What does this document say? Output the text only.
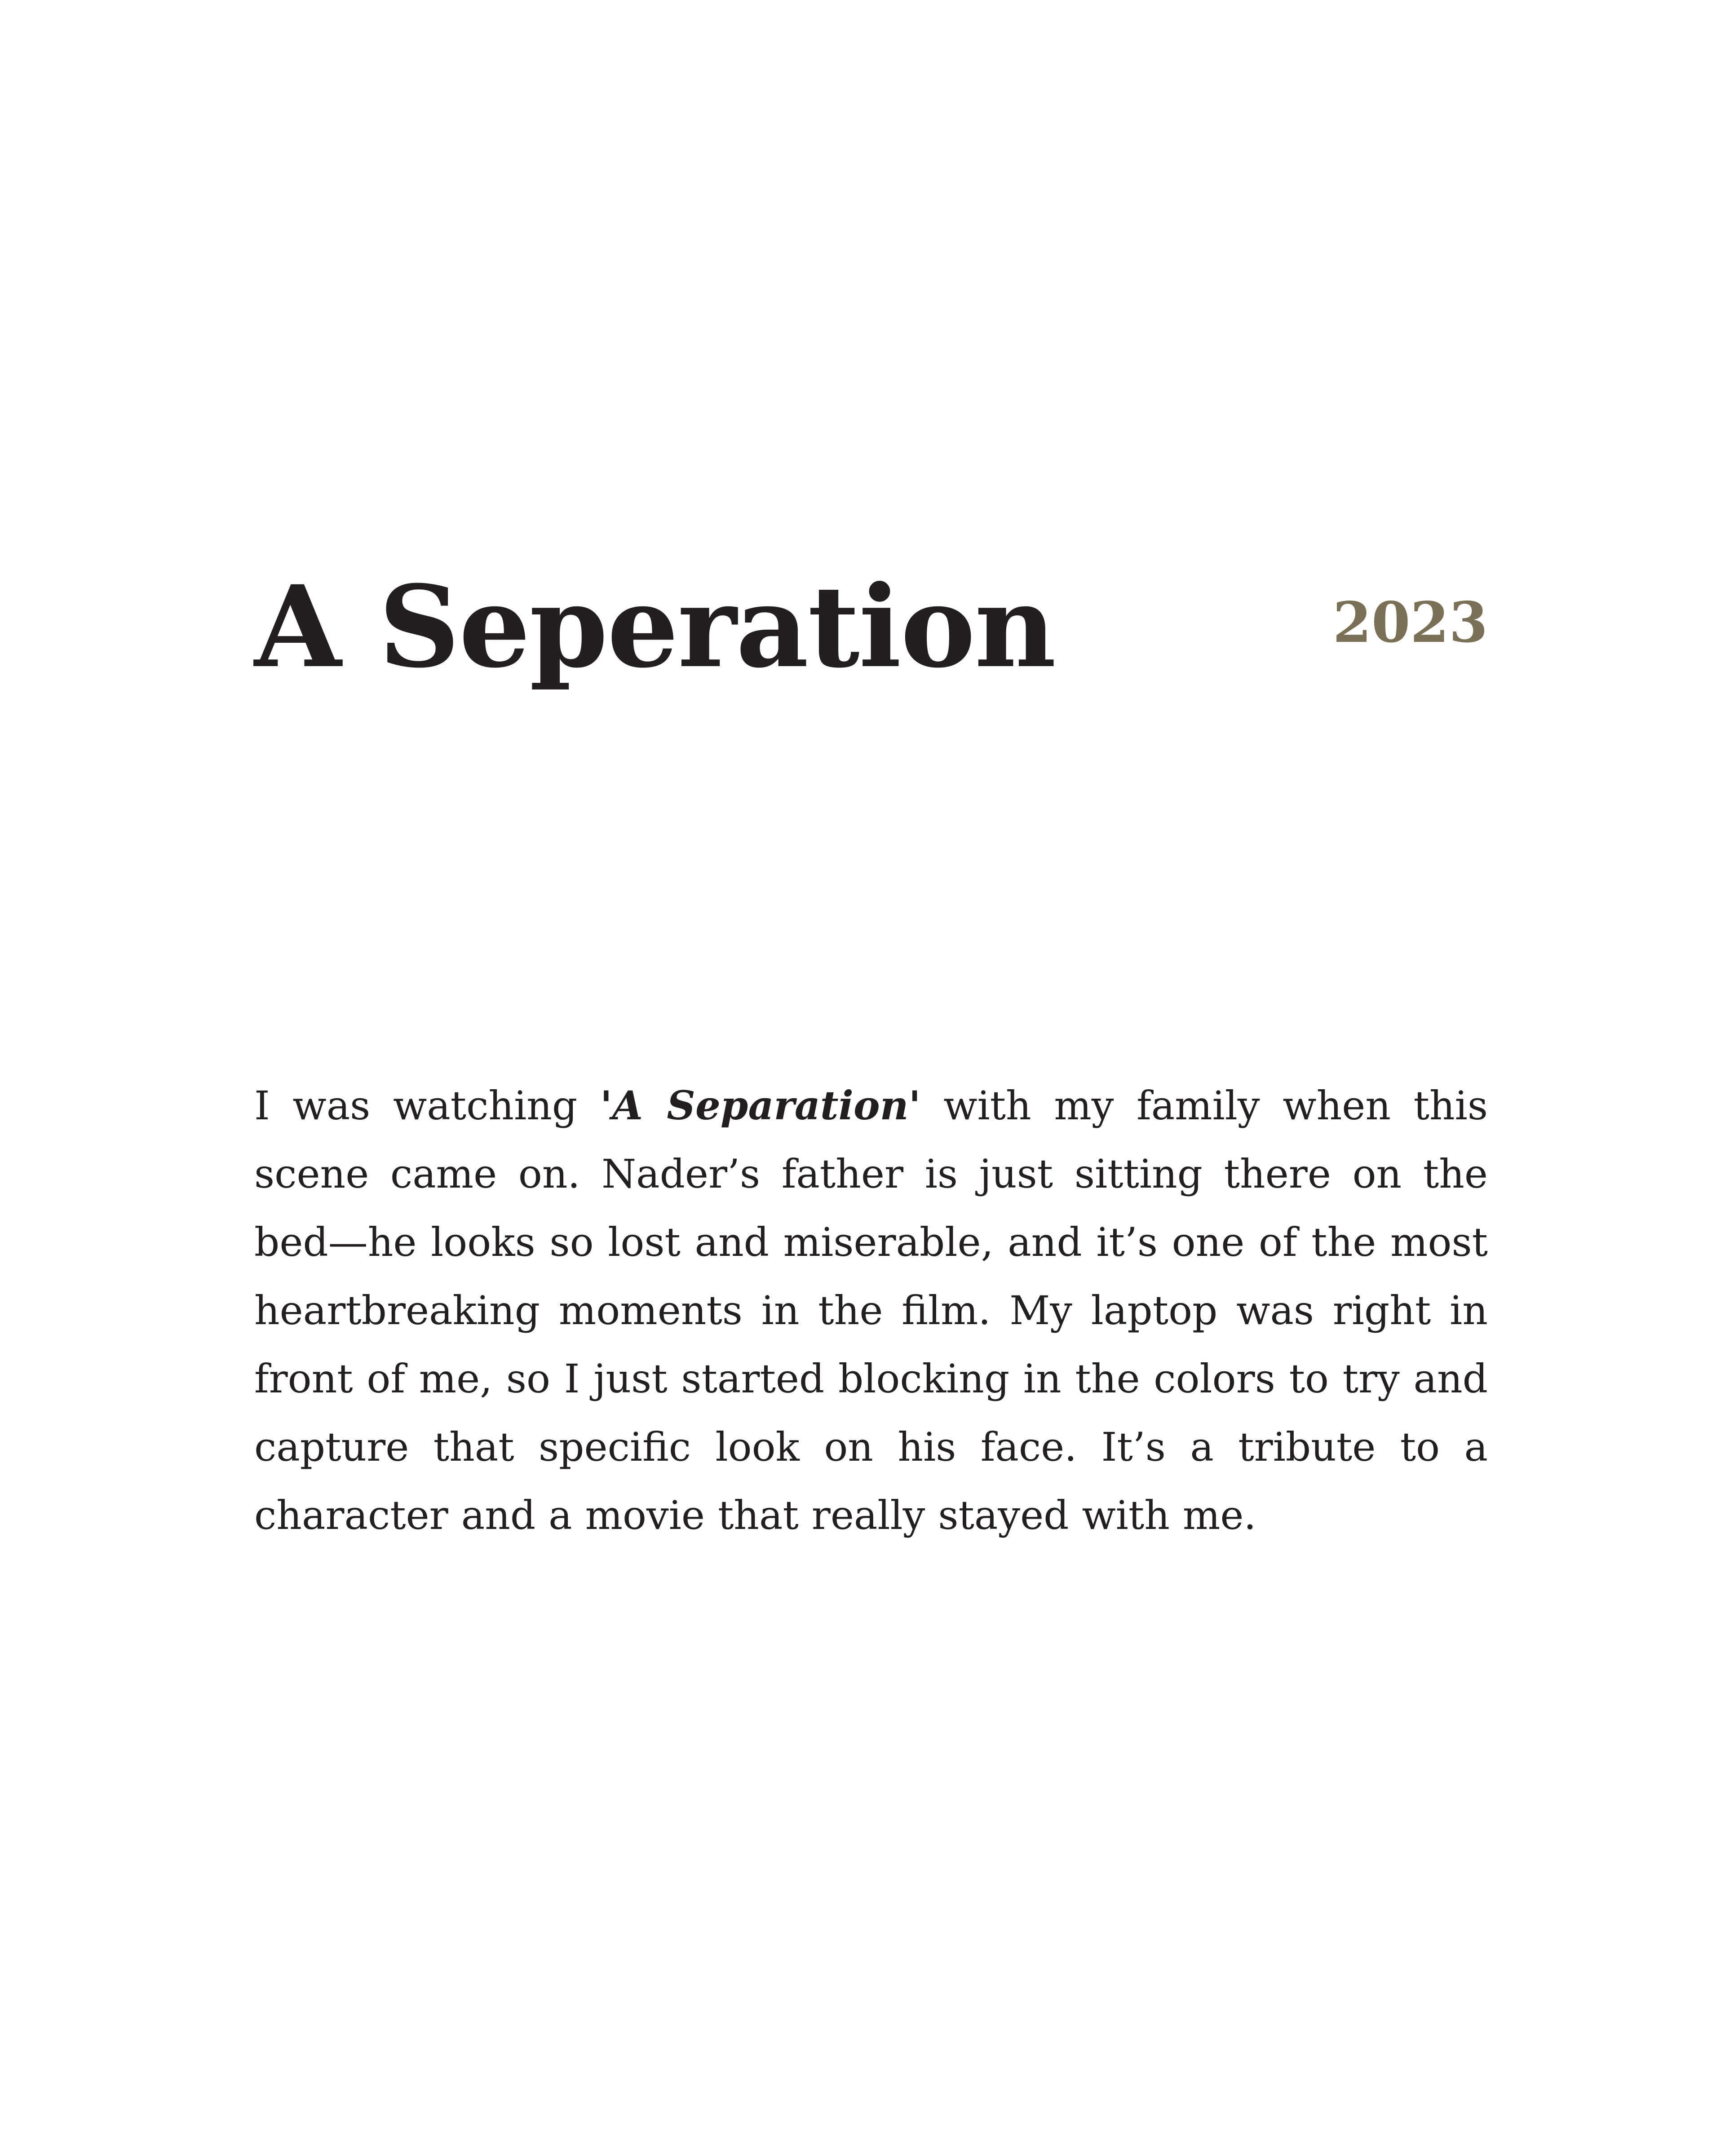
A Seperation	2023

I was watching 'A Separation' with my family when this scene came on. Nader’s father is just sitting there on the bed—he looks so lost and miserable, and it’s one of the most heartbreaking moments in the film. My laptop was right in front of me, so I just started blocking in the colors to try and capture that specific look on his face. It’s a tribute to a character and a movie that really stayed with me.
